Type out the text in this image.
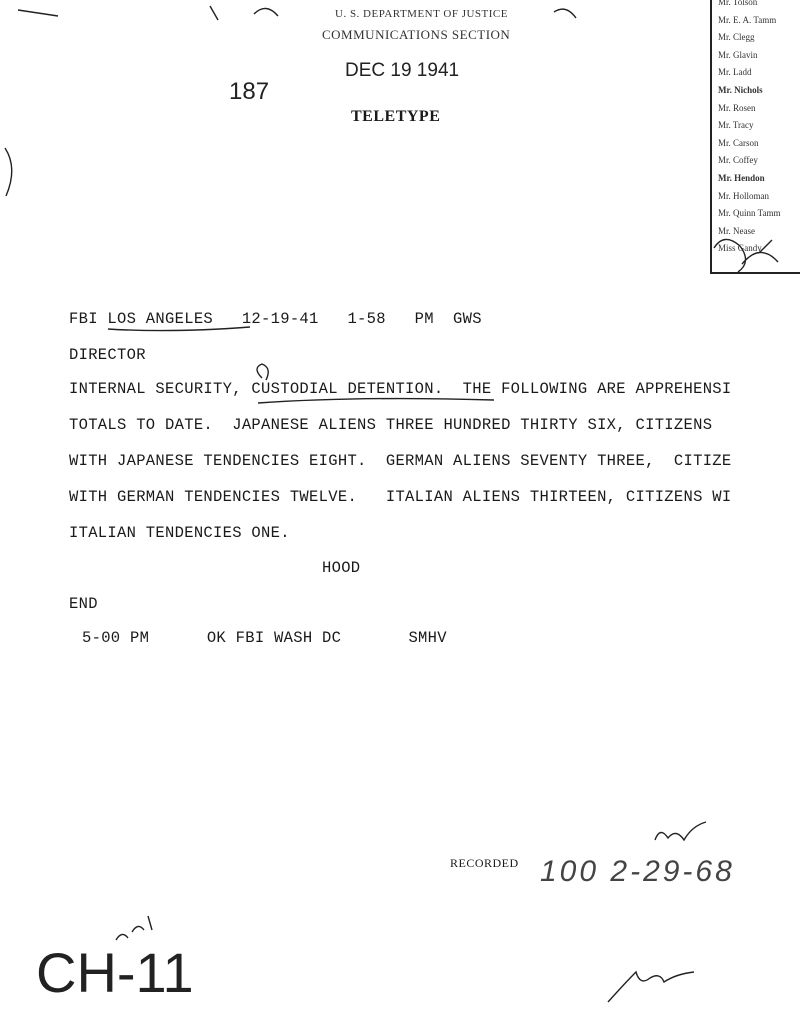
U. S. DEPARTMENT OF JUSTICE
COMMUNICATIONS SECTION
DEC 19 1941
187
TELETYPE
Mr. Tolson
Mr. E. A. Tamm
Mr. Clegg
Mr. Glavin
Mr. Ladd
Mr. Nichols
Mr. Rosen
Mr. Tracy
Mr. Carson
Mr. Coffey
Mr. Hendon
Mr. Holloman
Mr. Quinn Tamm
Mr. Nease
Miss Gandy

FBI LOS ANGELES   12-19-41   1-58   PM  GWS

DIRECTOR

INTERNAL SECURITY, CUSTODIAL DETENTION.  THE FOLLOWING ARE APPREHENSI

TOTALS TO DATE.  JAPANESE ALIENS THREE HUNDRED THIRTY SIX, CITIZENS

WITH JAPANESE TENDENCIES EIGHT.  GERMAN ALIENS SEVENTY THREE,  CITIZE

WITH GERMAN TENDENCIES TWELVE.   ITALIAN ALIENS THIRTEEN, CITIZENS WI

ITALIAN TENDENCIES ONE.

HOOD

END

5-00 PM      OK FBI WASH DC       SMHV

RECORDED 100 2-29-68
CH-11
